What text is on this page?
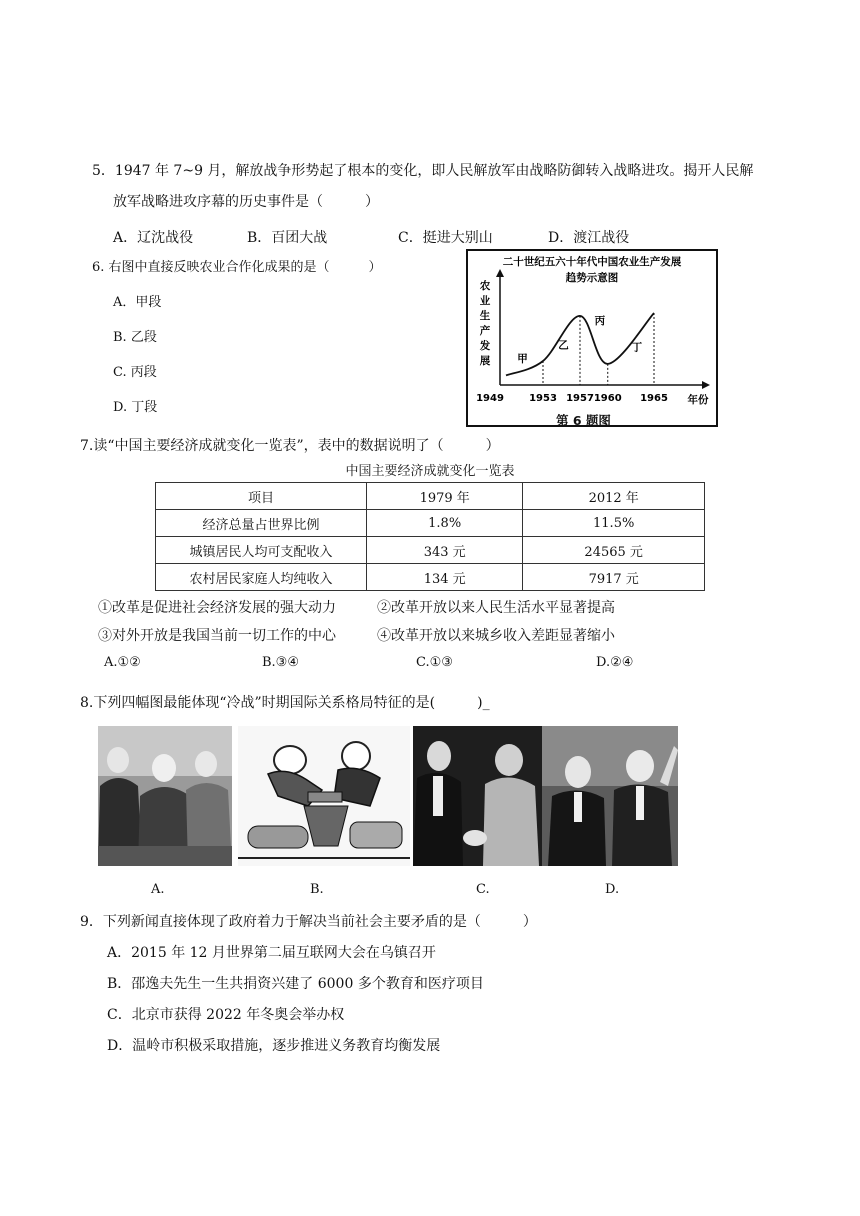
5．1947 年 7~9 月，解放战争形势起了根本的变化，即人民解放军由战略防御转入战略进攻。揭开人民解
放军战略进攻序幕的历史事件是（　　　）
A．辽沈战役	B．百团大战	C．挺进大别山	D．渡江战役
6. 右图中直接反映农业合作化成果的是（　　　）
A．甲段
B. 乙段
C. 丙段
D. 丁段
二十世纪五六十年代中国农业生产发展
趋势示意图
农
业
生
产
发
展
1949	1953 1957 1960 1965 年份
甲
乙
丙
丁
第 6 题图
7.读“中国主要经济成就变化一览表”，表中的数据说明了（　　　）
中国主要经济成就变化一览表
项目	1979 年	2012 年
经济总量占世界比例	1.8%	11.5%
城镇居民人均可支配收入	343 元	24565 元
农村居民家庭人均纯收入	134 元	7917 元
①改革是促进社会经济发展的强大动力	②改革开放以来人民生活水平显著提高
③对外开放是我国当前一切工作的中心	④改革开放以来城乡收入差距显著缩小
A.①②	B.③④	C.①③	D.②④
8.下列四幅图最能体现“冷战”时期国际关系格局特征的是(　　　)_
A.	B.	C.	D.
9．下列新闻直接体现了政府着力于解决当前社会主要矛盾的是（　　　）
A．2015 年 12 月世界第二届互联网大会在乌镇召开
B．邵逸夫先生一生共捐资兴建了 6000 多个教育和医疗项目
C．北京市获得 2022 年冬奥会举办权
D．温岭市积极采取措施，逐步推进义务教育均衡发展
